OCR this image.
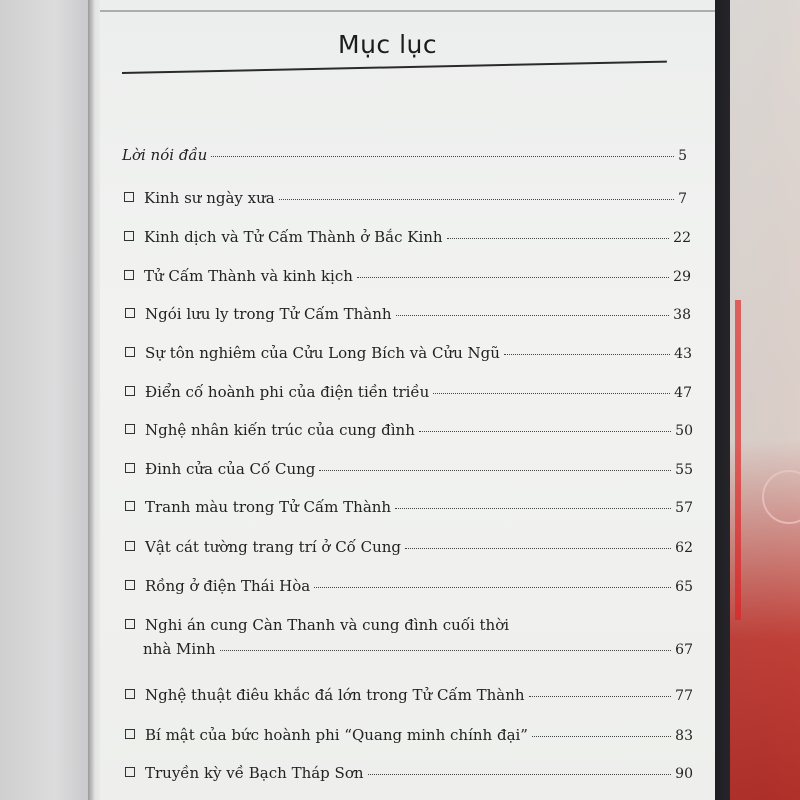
Mục lục
Lời nói đầu	5
Kinh sư ngày xưa	7
Kinh dịch và Tử Cấm Thành ở Bắc Kinh	22
Tử Cấm Thành và kinh kịch	29
Ngói lưu ly trong Tử Cấm Thành	38
Sự tôn nghiêm của Cửu Long Bích và Cửu Ngũ	43
Điển cố hoành phi của điện tiền triều	47
Nghệ nhân kiến trúc của cung đình	50
Đinh cửa của Cố Cung	55
Tranh màu trong Tử Cấm Thành	57
Vật cát tường trang trí ở Cố Cung	62
Rồng ở điện Thái Hòa	65
Nghi án cung Càn Thanh và cung đình cuối thời
nhà Minh	67
Nghệ thuật điêu khắc đá lớn trong Tử Cấm Thành	77
Bí mật của bức hoành phi “Quang minh chính đại”	83
Truyền kỳ về Bạch Tháp Sơn	90
